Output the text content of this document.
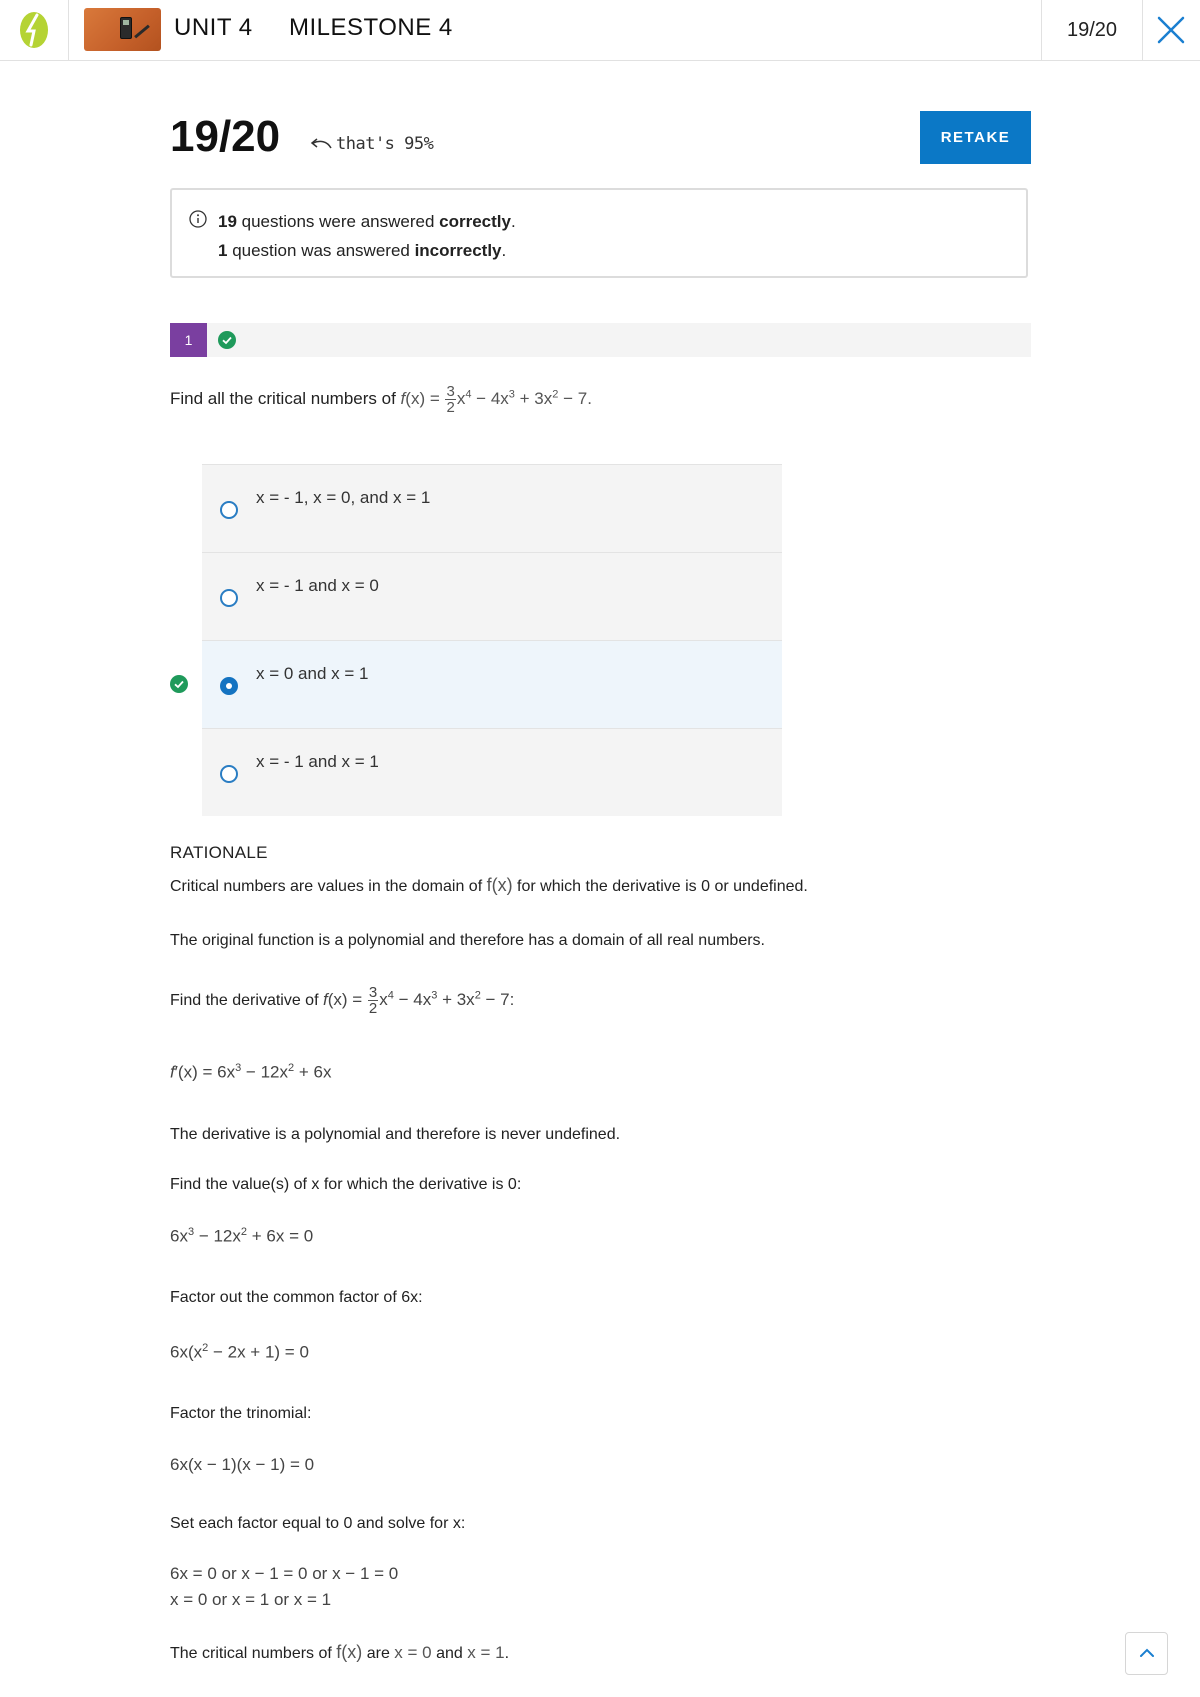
UNIT 4 MILESTONE 4	19/20
19/20	that's 95%	RETAKE
19 questions were answered correctly.
1 question was answered incorrectly.
1
Find all the critical numbers of $f(x) = \frac{3}{2} x^4 - 4x^3 + 3x^2 - 7$.
x = - 1, x = 0, and x = 1
x = - 1 and x = 0
x = 0 and x = 1
x = - 1 and x = 1
RATIONALE
Critical numbers are values in the domain of f(x) for which the derivative is 0 or undefined.
The original function is a polynomial and therefore has a domain of all real numbers.
Find the derivative of $f(x) = \frac{3}{2} x^4 - 4x^3 + 3x^2 - 7$:
$f'(x) = 6x^3 - 12x^2 + 6x$
The derivative is a polynomial and therefore is never undefined.
Find the value(s) of x for which the derivative is 0:
$6x^3 - 12x^2 + 6x = 0$
Factor out the common factor of 6x:
$6x(x^2 - 2x + 1) = 0$
Factor the trinomial:
6x(x − 1)(x − 1) = 0
Set each factor equal to 0 and solve for x:
6x = 0 or x − 1 = 0 or x − 1 = 0
x = 0 or x = 1 or x = 1
The critical numbers of f(x) are x = 0 and x = 1.
